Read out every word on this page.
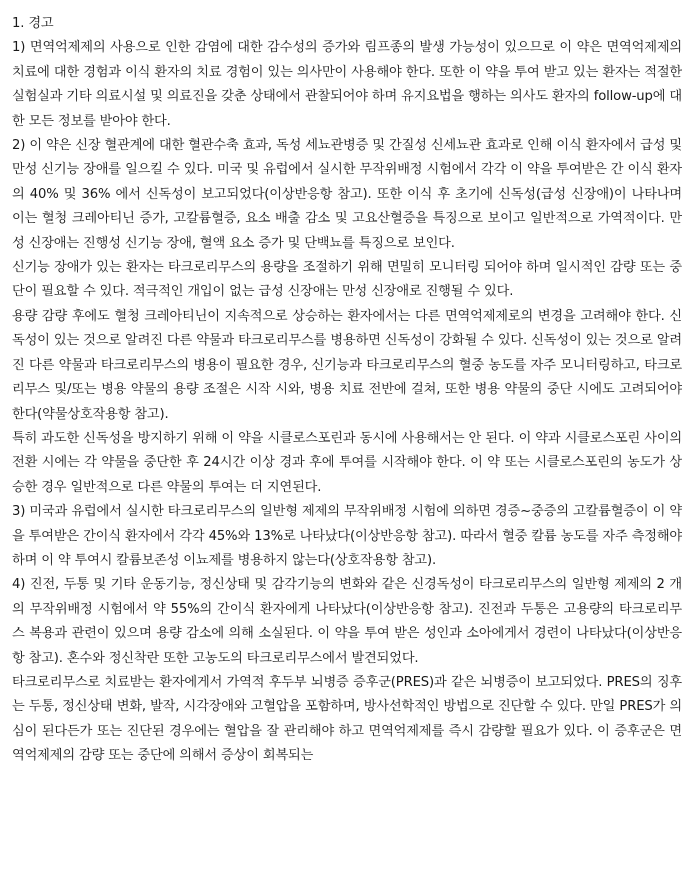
1. 경고

1) 면역억제제의 사용으로 인한 감염에 대한 감수성의 증가와 림프종의 발생 가능성이 있으므로 이 약은 면역억제제의 치료에 대한 경험과 이식 환자의 치료 경험이 있는 의사만이 사용해야 한다. 또한 이 약을 투여 받고 있는 환자는 적절한 실험실과 기타 의료시설 및 의료진을 갖춘 상태에서 관찰되어야 하며 유지요법을 행하는 의사도 환자의 follow-up에 대한 모든 정보를 받아야 한다.

2) 이 약은 신장 혈관계에 대한 혈관수축 효과, 독성 세뇨관병증 및 간질성 신세뇨관 효과로 인해 이식 환자에서 급성 및 만성 신기능 장애를 일으킬 수 있다. 미국 및 유럽에서 실시한 무작위배정 시험에서 각각 이 약을 투여받은 간 이식 환자의 40% 및 36% 에서 신독성이 보고되었다(이상반응항 참고). 또한 이식 후 초기에 신독성(급성 신장애)이 나타나며 이는 혈청 크레아티닌 증가, 고칼륨혈증, 요소 배출 감소 및 고요산혈증을 특징으로 보이고 일반적으로 가역적이다. 만성 신장애는 진행성 신기능 장애, 혈액 요소 증가 및 단백뇨를 특징으로 보인다.

신기능 장애가 있는 환자는 타크로리무스의 용량을 조절하기 위해 면밀히 모니터링 되어야 하며 일시적인 감량 또는 중단이 필요할 수 있다. 적극적인 개입이 없는 급성 신장애는 만성 신장애로 진행될 수 있다.

용량 감량 후에도 혈청 크레아티닌이 지속적으로 상승하는 환자에서는 다른 면역억제제로의 변경을 고려해야 한다. 신독성이 있는 것으로 알려진 다른 약물과 타크로리무스를 병용하면 신독성이 강화될 수 있다. 신독성이 있는 것으로 알려진 다른 약물과 타크로리무스의 병용이 필요한 경우, 신기능과 타크로리무스의 혈중 농도를 자주 모니터링하고, 타크로리무스 및/또는 병용 약물의 용량 조절은 시작 시와, 병용 치료 전반에 걸쳐, 또한 병용 약물의 중단 시에도 고려되어야 한다(약물상호작용항 참고).

특히 과도한 신독성을 방지하기 위해 이 약을 시클로스포린과 동시에 사용해서는 안 된다. 이 약과 시클로스포린 사이의 전환 시에는 각 약물을 중단한 후 24시간 이상 경과 후에 투여를 시작해야 한다. 이 약 또는 시클로스포린의 농도가 상승한 경우 일반적으로 다른 약물의 투여는 더 지연된다.

3) 미국과 유럽에서 실시한 타크로리무스의 일반형 제제의 무작위배정 시험에 의하면 경증~중증의 고칼륨혈증이 이 약을 투여받은 간이식 환자에서 각각 45%와 13%로 나타났다(이상반응항 참고). 따라서 혈중 칼륨 농도를 자주 측정해야 하며 이 약 투여시 칼륨보존성 이뇨제를 병용하지 않는다(상호작용항 참고).

4) 진전, 두통 및 기타 운동기능, 정신상태 및 감각기능의 변화와 같은 신경독성이 타크로리무스의 일반형 제제의 2 개의 무작위배정 시험에서 약 55%의 간이식 환자에게 나타났다(이상반응항 참고). 진전과 두통은 고용량의 타크로리무스 복용과 관련이 있으며 용량 감소에 의해 소실된다. 이 약을 투여 받은 성인과 소아에게서 경련이 나타났다(이상반응항 참고). 혼수와 정신착란 또한 고농도의 타크로리무스에서 발견되었다.

타크로리무스로 치료받는 환자에게서 가역적 후두부 뇌병증 증후군(PRES)과 같은 뇌병증이 보고되었다. PRES의 징후는 두통, 정신상태 변화, 발작, 시각장애와 고혈압을 포함하며, 방사선학적인 방법으로 진단할 수 있다. 만일 PRES가 의심이 된다든가 또는 진단된 경우에는 혈압을 잘 관리해야 하고 면역억제제를 즉시 감량할 필요가 있다. 이 증후군은 면역억제제의 감량 또는 중단에 의해서 증상이 회복되는
